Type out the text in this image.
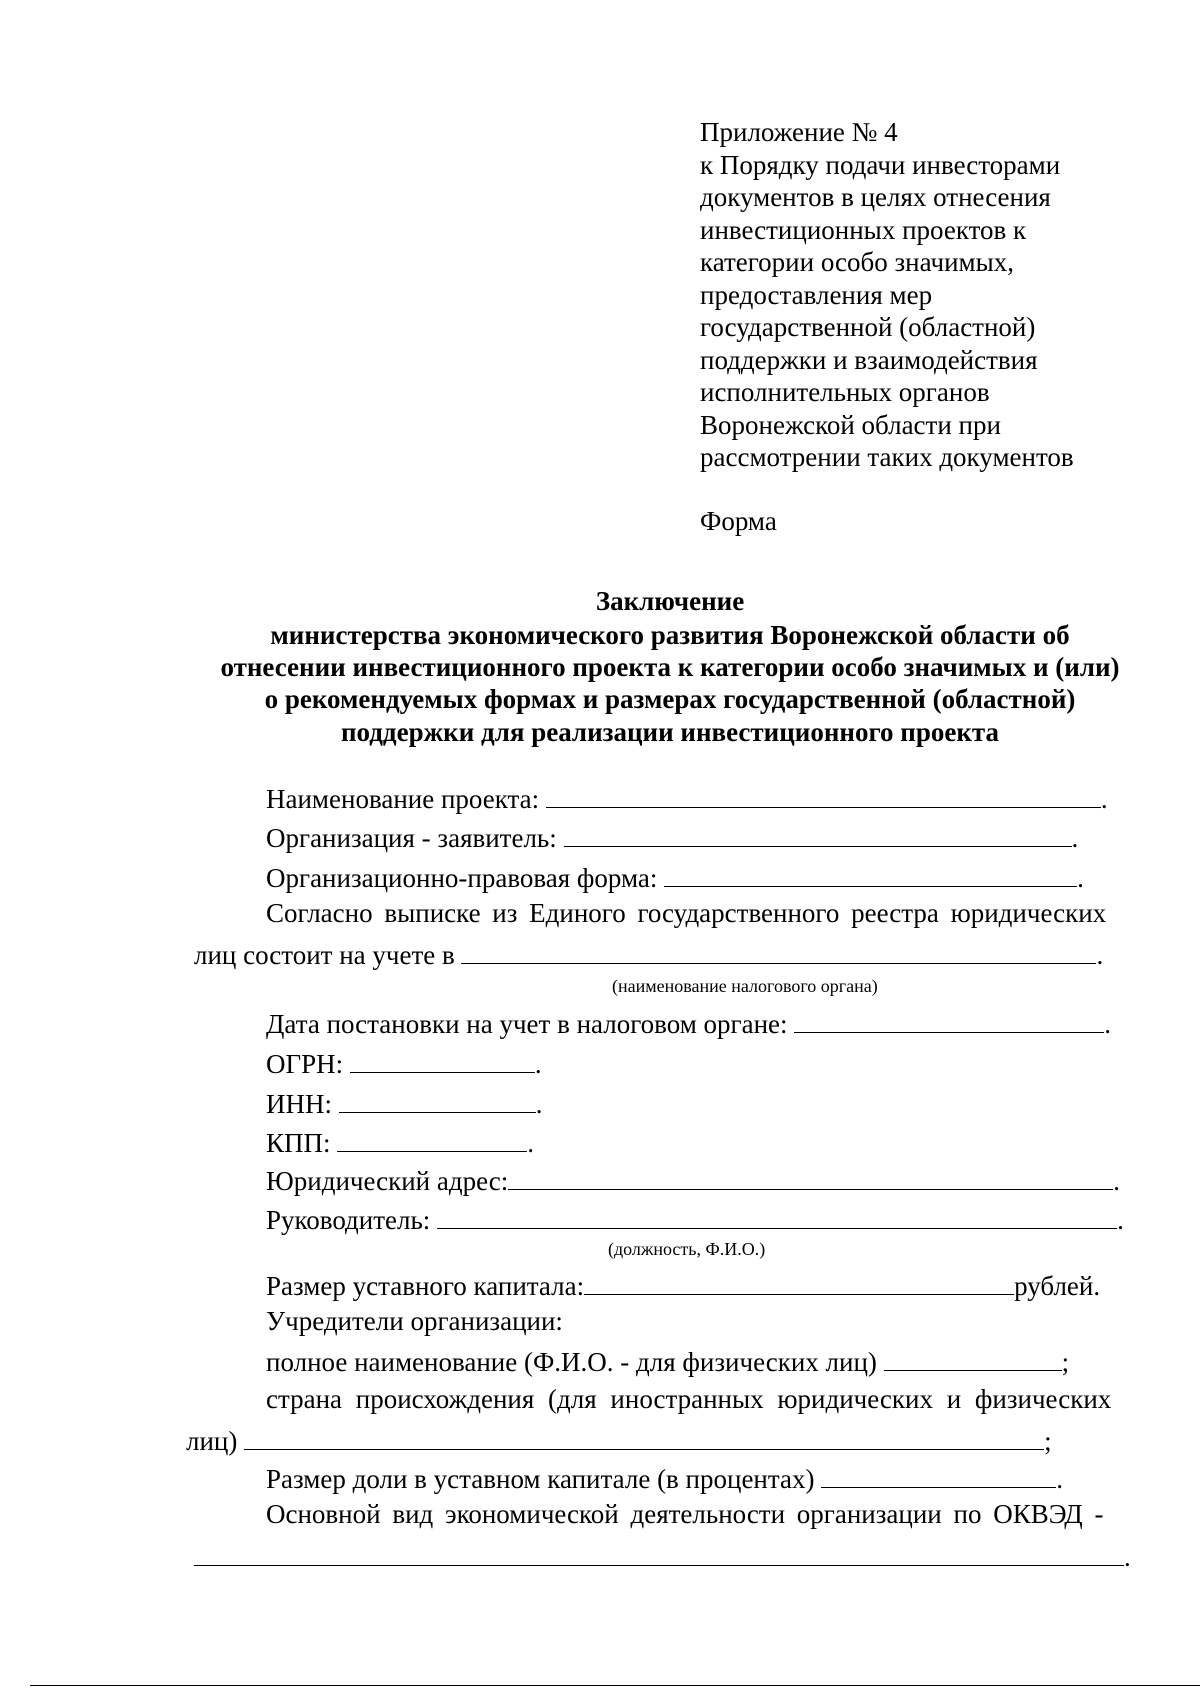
Приложение № 4
к Порядку подачи инвесторами
документов в целях отнесения
инвестиционных проектов к
категории особо значимых,
предоставления мер
государственной (областной)
поддержки и взаимодействия
исполнительных органов
Воронежской области при
рассмотрении таких документов
Форма
Заключение
министерства экономического развития Воронежской области об
отнесении инвестиционного проекта к категории особо значимых и (или)
о рекомендуемых формах и размерах государственной (областной)
поддержки для реализации инвестиционного проекта
Наименование проекта:	.
Организация - заявитель:	.
Организационно-правовая форма:	.
Согласно выписке из Единого государственного реестра юридических
лиц состоит на учете в	.
(наименование налогового органа)
Дата постановки на учет в налоговом органе:	.
ОГРН:	.
ИНН:	.
КПП:	.
Юридический адрес:	.
Руководитель:	.
(должность, Ф.И.О.)
Размер уставного капитала:	рублей.
Учредители организации:
полное наименование (Ф.И.О. - для физических лиц)	;
страна происхождения (для иностранных юридических и физических
лиц)	;
Размер доли в уставном капитале (в процентах)	.
Основной вид экономической деятельности организации по ОКВЭД -
.
